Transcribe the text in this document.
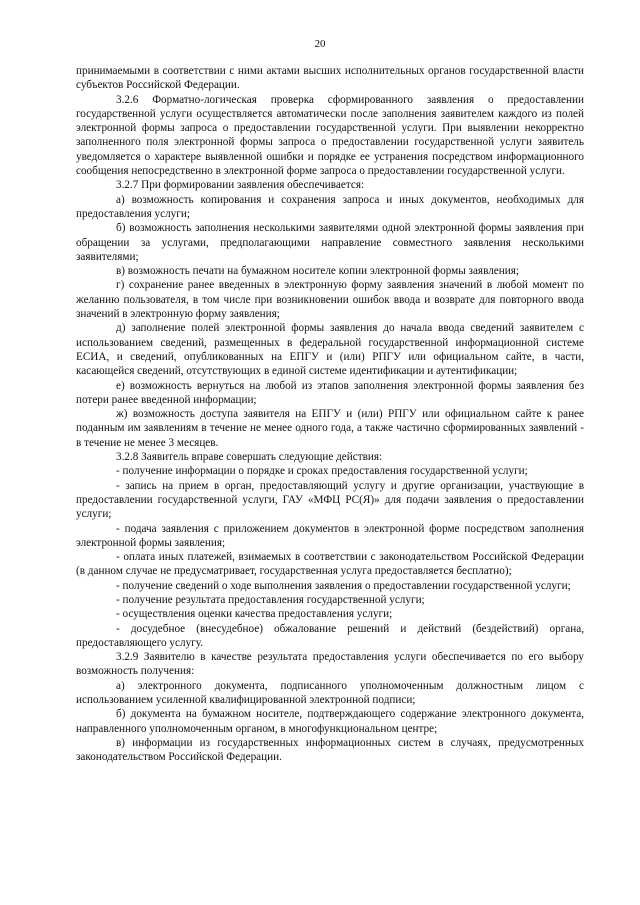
20

принимаемыми в соответствии с ними актами высших исполнительных органов государственной власти субъектов Российской Федерации.

3.2.6 Форматно-логическая проверка сформированного заявления о предоставлении государственной услуги осуществляется автоматически после заполнения заявителем каждого из полей электронной формы запроса о предоставлении государственной услуги. При выявлении некорректно заполненного поля электронной формы запроса о предоставлении государственной услуги заявитель уведомляется о характере выявленной ошибки и порядке ее устранения посредством информационного сообщения непосредственно в электронной форме запроса о предоставлении государственной услуги.

3.2.7 При формировании заявления обеспечивается:

а) возможность копирования и сохранения запроса и иных документов, необходимых для предоставления услуги;

б) возможность заполнения несколькими заявителями одной электронной формы заявления при обращении за услугами, предполагающими направление совместного заявления несколькими заявителями;

в) возможность печати на бумажном носителе копии электронной формы заявления;

г) сохранение ранее введенных в электронную форму заявления значений в любой момент по желанию пользователя, в том числе при возникновении ошибок ввода и возврате для повторного ввода значений в электронную форму заявления;

д) заполнение полей электронной формы заявления до начала ввода сведений заявителем с использованием сведений, размещенных в федеральной государственной информационной системе ЕСИА, и сведений, опубликованных на ЕПГУ и (или) РПГУ или официальном сайте, в части, касающейся сведений, отсутствующих в единой системе идентификации и аутентификации;

е) возможность вернуться на любой из этапов заполнения электронной формы заявления без потери ранее введенной информации;

ж) возможность доступа заявителя на ЕПГУ и (или) РПГУ или официальном сайте к ранее поданным им заявлениям в течение не менее одного года, а также частично сформированных заявлений - в течение не менее 3 месяцев.

3.2.8 Заявитель вправе совершать следующие действия:

- получение информации о порядке и сроках предоставления государственной услуги;

- запись на прием в орган, предоставляющий услугу и другие организации, участвующие в предоставлении государственной услуги, ГАУ «МФЦ РС(Я)» для подачи заявления о предоставлении услуги;

- подача заявления с приложением документов в электронной форме посредством заполнения электронной формы заявления;

- оплата иных платежей, взимаемых в соответствии с законодательством Российской Федерации (в данном случае не предусматривает, государственная услуга предоставляется бесплатно);

- получение сведений о ходе выполнения заявления о предоставлении государственной услуги;

- получение результата предоставления государственной услуги;

- осуществления оценки качества предоставления услуги;

- досудебное (внесудебное) обжалование решений и действий (бездействий) органа, предоставляющего услугу.

3.2.9 Заявителю в качестве результата предоставления услуги обеспечивается по его выбору возможность получения:

а) электронного документа, подписанного уполномоченным должностным лицом с использованием усиленной квалифицированной электронной подписи;

б) документа на бумажном носителе, подтверждающего содержание электронного документа, направленного уполномоченным органом, в многофункциональном центре;

в) информации из государственных информационных систем в случаях, предусмотренных законодательством Российской Федерации.
